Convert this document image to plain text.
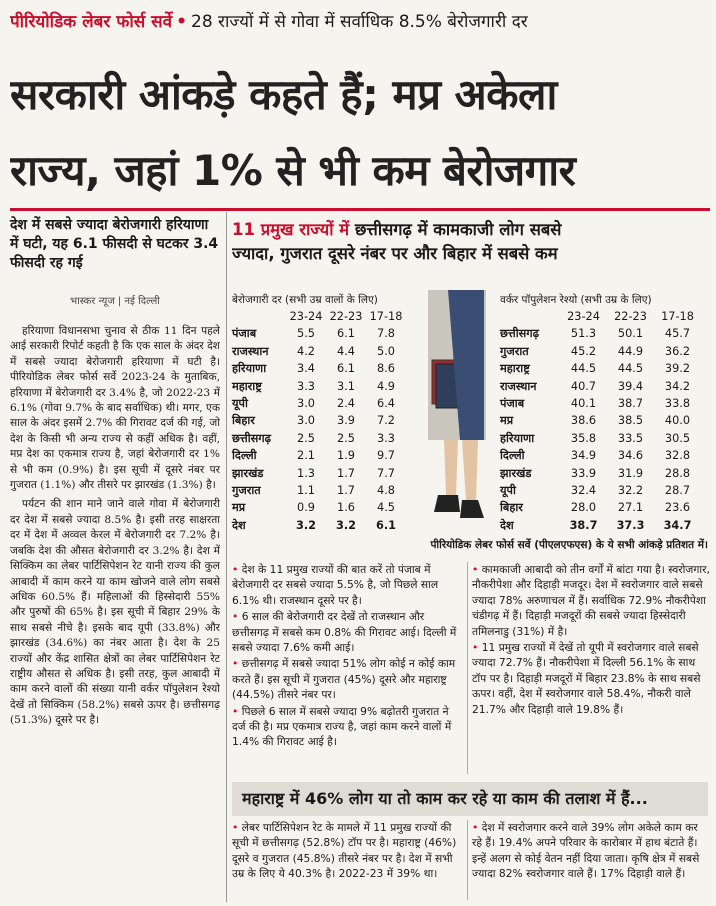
पीरियोडिक लेबर फोर्स सर्वे • 28 राज्यों में से गोवा में सर्वाधिक 8.5% बेरोजगारी दर
सरकारी आंकड़े कहते हैं; मप्र अकेला
राज्य, जहां 1% से भी कम बेरोजगार
देश में सबसे ज्यादा बेरोजगारी हरियाणा में घटी, यह 6.1 फीसदी से घटकर 3.4 फीसदी रह गई
भास्कर न्यूज | नई दिल्ली

हरियाणा विधानसभा चुनाव से ठीक 11 दिन पहले आई सरकारी रिपोर्ट कहती है कि एक साल के अंदर देश में सबसे ज्यादा बेरोजगारी हरियाणा में घटी है। पीरियोडिक लेबर फोर्स सर्वे 2023-24 के मुताबिक, हरियाणा में बेरोजगारी दर 3.4% है, जो 2022-23 में 6.1% (गोवा 9.7% के बाद सर्वाधिक) थी। मगर, एक साल के अंदर इसमें 2.7% की गिरावट दर्ज की गई, जो देश के किसी भी अन्य राज्य से कहीं अधिक है। वहीं, मप्र देश का एकमात्र राज्य है, जहां बेरोजगारी दर 1% से भी कम (0.9%) है। इस सूची में दूसरे नंबर पर गुजरात (1.1%) और तीसरे पर झारखंड (1.3%) है।

पर्यटन की शान माने जाने वाले गोवा में बेरोजगारी दर देश में सबसे ज्यादा 8.5% है। इसी तरह साक्षरता दर में देश में अव्वल केरल में बेरोजगारी दर 7.2% है। जबकि देश की औसत बेरोजगारी दर 3.2% है। देश में सिक्किम का लेबर पार्टिसिपेशन रेट यानी राज्य की कुल आबादी में काम करने या काम खोजने वाले लोग सबसे अधिक 60.5% हैं। महिलाओं की हिस्सेदारी 55% और पुरुषों की 65% है। इस सूची में बिहार 29% के साथ सबसे नीचे है। इसके बाद यूपी (33.8%) और झारखंड (34.6%) का नंबर आता है। देश के 25 राज्यों और केंद्र शासित क्षेत्रों का लेबर पार्टिसिपेशन रेट राष्ट्रीय औसत से अधिक है। इसी तरह, कुल आबादी में काम करने वालों की संख्या यानी वर्कर पॉपुलेशन रेश्यो देखें तो सिक्किम (58.2%) सबसे ऊपर है। छत्तीसगढ़ (51.3%) दूसरे पर है।

11 प्रमुख राज्यों में छत्तीसगढ़ में कामकाजी लोग सबसे
ज्यादा, गुजरात दूसरे नंबर पर और बिहार में सबसे कम
बेरोजगारी दर (सभी उम्र वालों के लिए)
23-24 22-23 17-18
पंजाब	5.5	6.1	7.8
राजस्थान	4.2	4.4	5.0
हरियाणा	3.4	6.1	8.6
महाराष्ट्र	3.3	3.1	4.9
यूपी	3.0	2.4	6.4
बिहार	3.0	3.9	7.2
छत्तीसगढ़	2.5	2.5	3.3
दिल्ली	2.1	1.9	9.7
झारखंड	1.3	1.7	7.7
गुजरात	1.1	1.7	4.8
मप्र	0.9	1.6	4.5
देश	3.2	3.2	6.1
वर्कर पॉपुलेशन रेश्यो (सभी उम्र के लिए)
23-24	22-23	17-18
छत्तीसगढ़	51.3	50.1	45.7
गुजरात	45.2	44.9	36.2
महाराष्ट्र	44.5	44.5	39.2
राजस्थान	40.7	39.4	34.2
पंजाब	40.1	38.7	33.8
मप्र	38.6	38.5	40.0
हरियाणा	35.8	33.5	30.5
दिल्ली	34.9	34.6	32.8
झारखंड	33.9	31.9	28.8
यूपी	32.4	32.2	28.7
बिहार	28.0	27.1	23.6
देश	38.7	37.3	34.7
पीरियोडिक लेबर फोर्स सर्वे (पीएलएफएस) के ये सभी आंकड़े प्रतिशत में।

• देश के 11 प्रमुख राज्यों की बात करें तो पंजाब में बेरोजगारी दर सबसे ज्यादा 5.5% है, जो पिछले साल 6.1% थी। राजस्थान दूसरे पर है।

• 6 साल की बेरोजगारी दर देखें तो राजस्थान और छत्तीसगढ़ में सबसे कम 0.8% की गिरावट आई। दिल्ली में सबसे ज्यादा 7.6% कमी आई।

• छत्तीसगढ़ में सबसे ज्यादा 51% लोग कोई न कोई काम करते हैं। इस सूची में गुजरात (45%) दूसरे और महाराष्ट्र (44.5%) तीसरे नंबर पर।

• पिछले 6 साल में सबसे ज्यादा 9% बढ़ोतरी गुजरात ने दर्ज की है। मप्र एकमात्र राज्य है, जहां काम करने वालों में 1.4% की गिरावट आई है।

• कामकाजी आबादी को तीन वर्गों में बांटा गया है। स्वरोजगार, नौकरीपेशा और दिहाड़ी मजदूर। देश में स्वरोजगार वाले सबसे ज्यादा 78% अरुणाचल में हैं। सर्वाधिक 72.9% नौकरीपेशा चंडीगढ़ में हैं। दिहाड़ी मजदूरों की सबसे ज्यादा हिस्सेदारी तमिलनाडु (31%) में है।

• 11 प्रमुख राज्यों में देखें तो यूपी में स्वरोजगार वाले सबसे ज्यादा 72.7% हैं। नौकरीपेशा में दिल्ली 56.1% के साथ टॉप पर है। दिहाड़ी मजदूरों में बिहार 23.8% के साथ सबसे ऊपर। वहीं, देश में स्वरोजगार वाले 58.4%, नौकरी वाले 21.7% और दिहाड़ी वाले 19.8% हैं।

महाराष्ट्र में 46% लोग या तो काम कर रहे या काम की तलाश में हैं...

• लेबर पार्टिसिपेशन रेट के मामले में 11 प्रमुख राज्यों की सूची में छत्तीसगढ़ (52.8%) टॉप पर है। महाराष्ट्र (46%) दूसरे व गुजरात (45.8%) तीसरे नंबर पर है। देश में सभी उम्र के लिए ये 40.3% है। 2022-23 में 39% था।

• देश में स्वरोजगार करने वाले 39% लोग अकेले काम कर रहे हैं। 19.4% अपने परिवार के कारोबार में हाथ बंटाते हैं। इन्हें अलग से कोई वेतन नहीं दिया जाता। कृषि क्षेत्र में सबसे ज्यादा 82% स्वरोजगार वाले हैं। 17% दिहाड़ी वाले हैं।
